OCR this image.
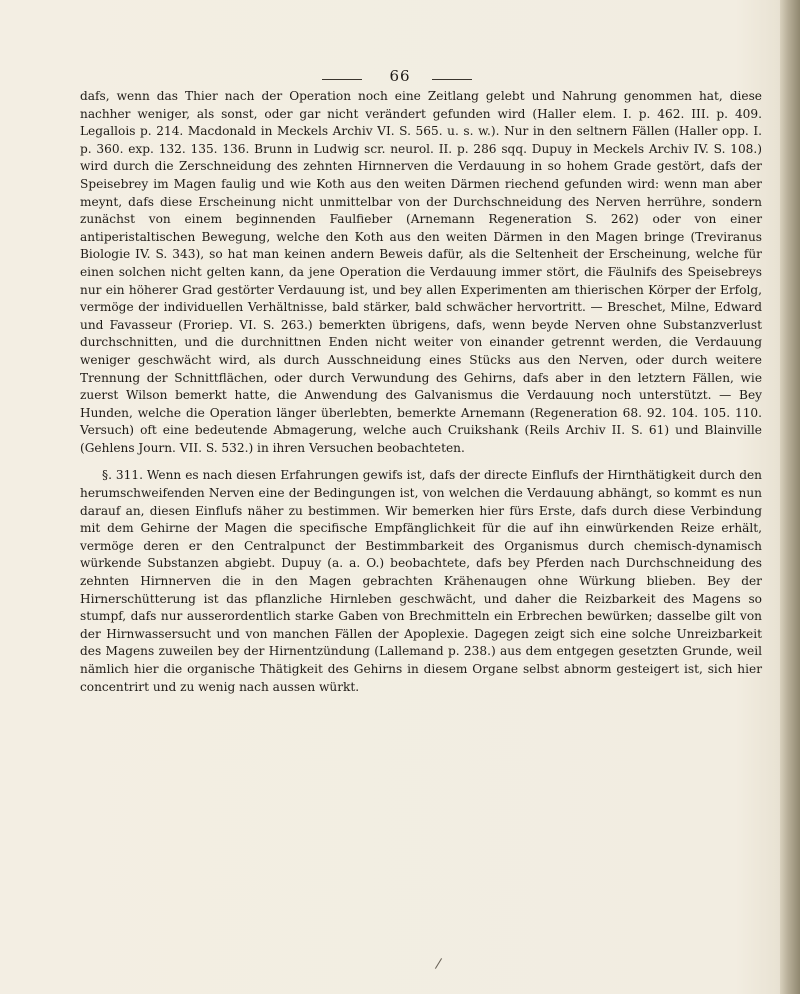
66

dafs, wenn das Thier nach der Operation noch eine Zeitlang gelebt und Nahrung genommen hat, diese nachher weniger, als sonst, oder gar nicht verändert gefunden wird (Haller elem. I. p. 462. III. p. 409. Legallois p. 214. Macdonald in Meckels Archiv VI. S. 565. u. s. w.). Nur in den seltnern Fällen (Haller opp. I. p. 360. exp. 132. 135. 136. Brunn in Ludwig scr. neurol. II. p. 286 sqq. Dupuy in Meckels Archiv IV. S. 108.) wird durch die Zerschneidung des zehnten Hirnnerven die Verdauung in so hohem Grade gestört, dafs der Speisebrey im Magen faulig und wie Koth aus den weiten Därmen riechend gefunden wird: wenn man aber meynt, dafs diese Erscheinung nicht unmittelbar von der Durchschneidung des Nerven herrühre, sondern zunächst von einem beginnenden Faulfieber (Arnemann Regeneration S. 262) oder von einer antiperistaltischen Bewegung, welche den Koth aus den weiten Därmen in den Magen bringe (Treviranus Biologie IV. S. 343), so hat man keinen andern Beweis dafür, als die Seltenheit der Erscheinung, welche für einen solchen nicht gelten kann, da jene Operation die Verdauung immer stört, die Fäulnifs des Speisebreys nur ein höherer Grad gestörter Verdauung ist, und bey allen Experimenten am thierischen Körper der Erfolg, vermöge der individuellen Verhältnisse, bald stärker, bald schwächer hervortritt. — Breschet, Milne, Edward und Favasseur (Froriep. VI. S. 263.) bemerkten übrigens, dafs, wenn beyde Nerven ohne Substanzverlust durchschnitten, und die durchnittnen Enden nicht weiter von einander getrennt werden, die Verdauung weniger geschwächt wird, als durch Ausschneidung eines Stücks aus den Nerven, oder durch weitere Trennung der Schnittflächen, oder durch Verwundung des Gehirns, dafs aber in den letztern Fällen, wie zuerst Wilson bemerkt hatte, die Anwendung des Galvanismus die Verdauung noch unterstützt. — Bey Hunden, welche die Operation länger überlebten, bemerkte Arnemann (Regeneration 68. 92. 104. 105. 110. Versuch) oft eine bedeutende Abmagerung, welche auch Cruikshank (Reils Archiv II. S. 61) und Blainville (Gehlens Journ. VII. S. 532.) in ihren Versuchen beobachteten.

§. 311. Wenn es nach diesen Erfahrungen gewifs ist, dafs der directe Einflufs der Hirnthätigkeit durch den herumschweifenden Nerven eine der Bedingungen ist, von welchen die Verdauung abhängt, so kommt es nun darauf an, diesen Einflufs näher zu bestimmen. Wir bemerken hier fürs Erste, dafs durch diese Verbindung mit dem Gehirne der Magen die specifische Empfänglichkeit für die auf ihn einwürkenden Reize erhält, vermöge deren er den Centralpunct der Bestimmbarkeit des Organismus durch chemisch-dynamisch würkende Substanzen abgiebt. Dupuy (a. a. O.) beobachtete, dafs bey Pferden nach Durchschneidung des zehnten Hirnnerven die in den Magen gebrachten Krähenaugen ohne Würkung blieben. Bey der Hirnerschütterung ist das pflanzliche Hirnleben geschwächt, und daher die Reizbarkeit des Magens so stumpf, dafs nur ausserordentlich starke Gaben von Brechmitteln ein Erbrechen bewürken; dasselbe gilt von der Hirnwassersucht und von manchen Fällen der Apoplexie. Dagegen zeigt sich eine solche Unreizbarkeit des Magens zuweilen bey der Hirnentzündung (Lallemand p. 238.) aus dem entgegen gesetzten Grunde, weil nämlich hier die organische Thätigkeit des Gehirns in diesem Organe selbst abnorm gesteigert ist, sich hier concentrirt und zu wenig nach aussen würkt.

/
